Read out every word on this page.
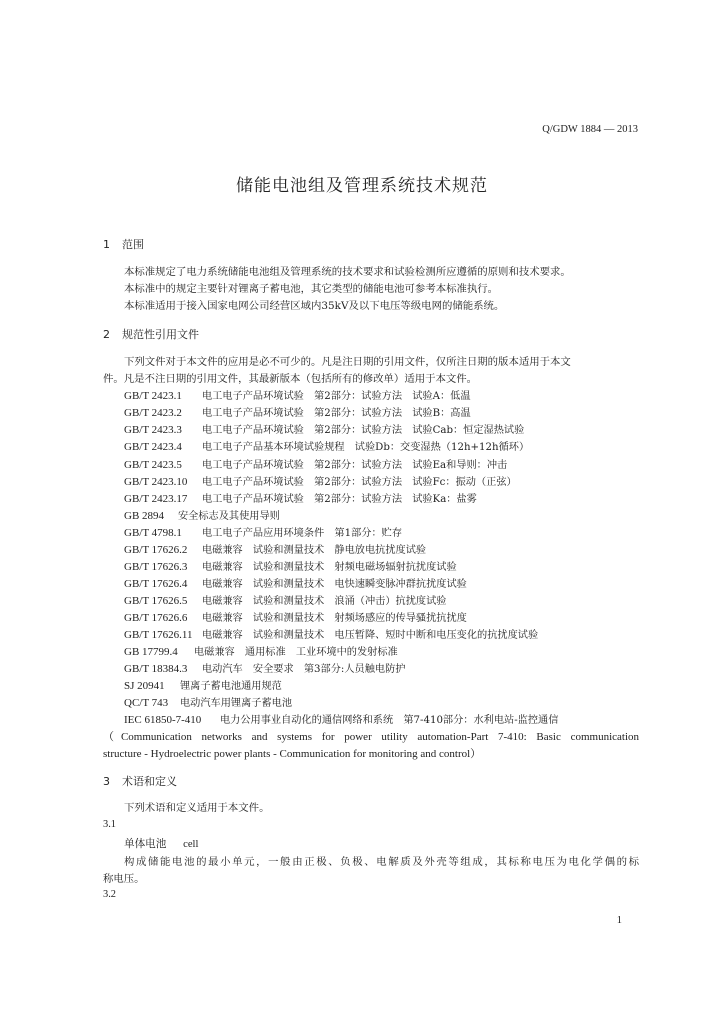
Q/GDW 1884 — 2013
储能电池组及管理系统技术规范
1 范围
本标准规定了电力系统储能电池组及管理系统的技术要求和试验检测所应遵循的原则和技术要求。
本标准中的规定主要针对锂离子蓄电池，其它类型的储能电池可参考本标准执行。
本标准适用于接入国家电网公司经营区域内35kV及以下电压等级电网的储能系统。
2 规范性引用文件
下列文件对于本文件的应用是必不可少的。凡是注日期的引用文件，仅所注日期的版本适用于本文
件。凡是不注日期的引用文件，其最新版本（包括所有的修改单）适用于本文件。
GB/T 2423.1 电工电子产品环境试验　第2部分：试验方法　试验A：低温
GB/T 2423.2 电工电子产品环境试验　第2部分：试验方法　试验B：高温
GB/T 2423.3 电工电子产品环境试验　第2部分：试验方法　试验Cab：恒定湿热试验
GB/T 2423.4 电工电子产品基本环境试验规程　试验Db：交变湿热（12h+12h循环）
GB/T 2423.5 电工电子产品环境试验　第2部分：试验方法　试验Ea和导则：冲击
GB/T 2423.10 电工电子产品环境试验　第2部分：试验方法　试验Fc：振动（正弦）
GB/T 2423.17 电工电子产品环境试验　第2部分：试验方法　试验Ka：盐雾
GB 2894 安全标志及其使用导则
GB/T 4798.1 电工电子产品应用环境条件　第1部分：贮存
GB/T 17626.2 电磁兼容　试验和测量技术　静电放电抗扰度试验
GB/T 17626.3 电磁兼容　试验和测量技术　射频电磁场辐射抗扰度试验
GB/T 17626.4 电磁兼容　试验和测量技术　电快速瞬变脉冲群抗扰度试验
GB/T 17626.5 电磁兼容　试验和测量技术　浪涌（冲击）抗扰度试验
GB/T 17626.6 电磁兼容　试验和测量技术　射频场感应的传导骚扰抗扰度
GB/T 17626.11 电磁兼容　试验和测量技术　电压暂降、短时中断和电压变化的抗扰度试验
GB 17799.4 电磁兼容　通用标准　工业环境中的发射标准
GB/T 18384.3 电动汽车　安全要求　第3部分:人员触电防护
SJ 20941 锂离子蓄电池通用规范
QC/T 743 电动汽车用锂离子蓄电池
IEC 61850-7-410 电力公用事业自动化的通信网络和系统　第7-410部分：水利电站-监控通信
（Communication networks and systems for power utility automation-Part 7-410: Basic communication
structure - Hydroelectric power plants - Communication for monitoring and control）
3 术语和定义
下列术语和定义适用于本文件。
3.1
单体电池 cell
构成储能电池的最小单元，一般由正极、负极、电解质及外壳等组成，其标称电压为电化学偶的标
称电压。
3.2
1
